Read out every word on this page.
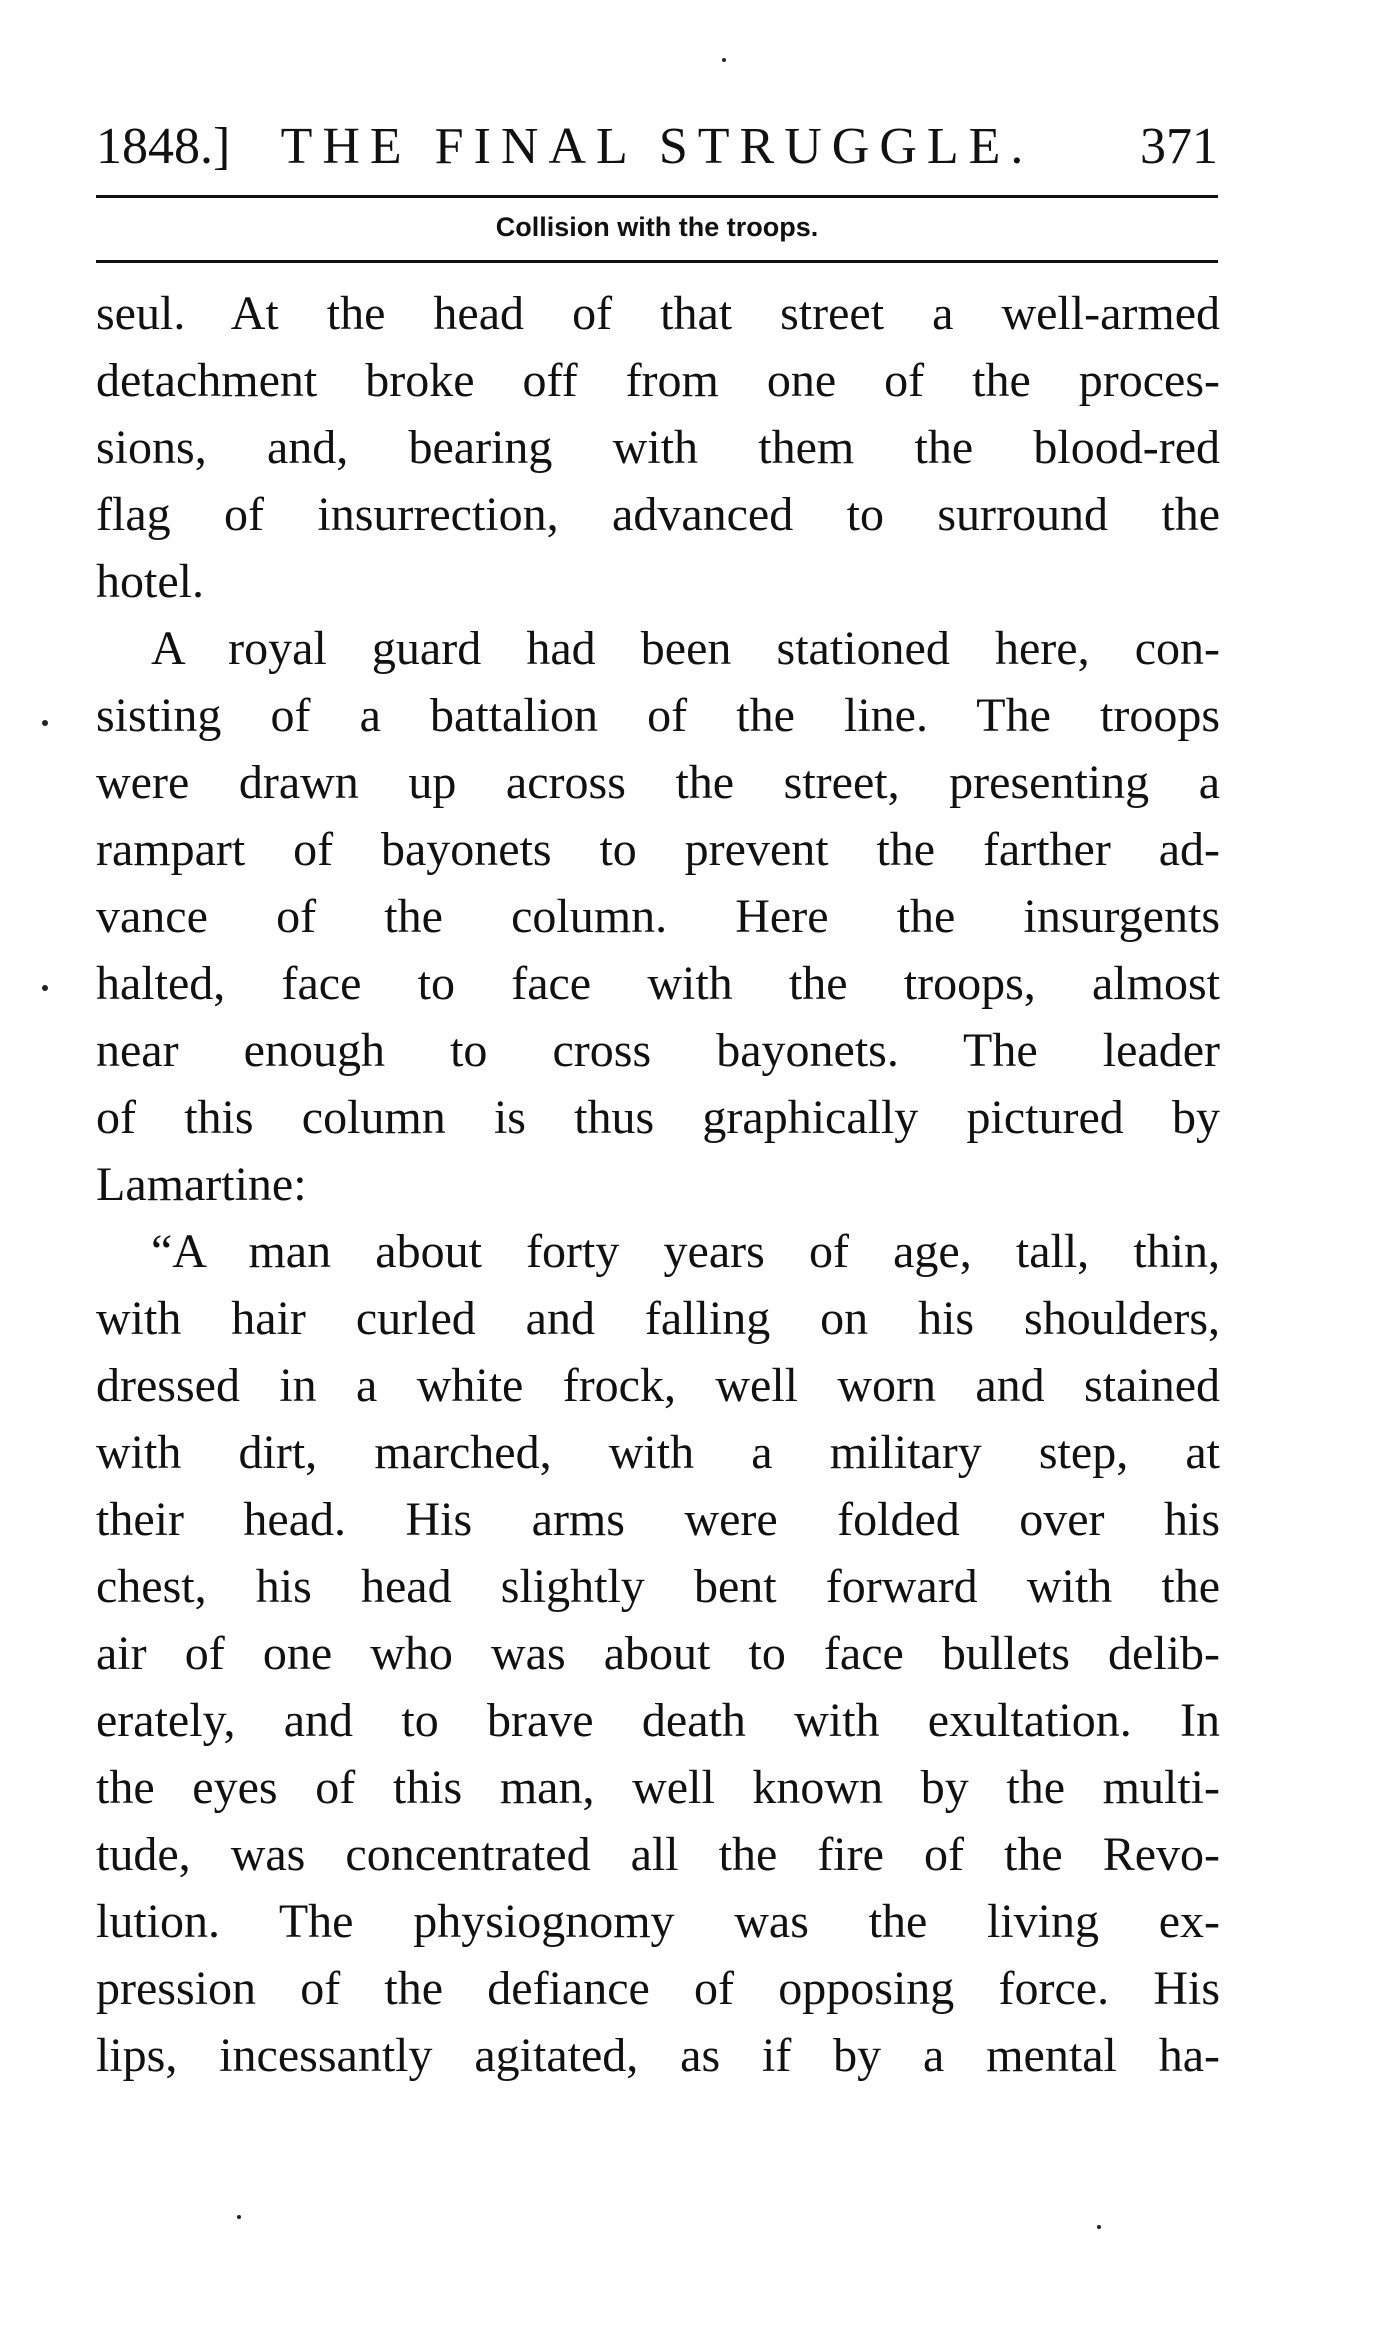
1848.] THE FINAL STRUGGLE.	371
Collision with the troops.
seul. At the head of that street a well-armed
detachment broke off from one of the proces-
sions, and, bearing with them the blood-red
flag of insurrection, advanced to surround the
hotel.
A royal guard had been stationed here, con-
sisting of a battalion of the line. The troops
were drawn up across the street, presenting a
rampart of bayonets to prevent the farther ad-
vance of the column. Here the insurgents
halted, face to face with the troops, almost
near enough to cross bayonets. The leader
of this column is thus graphically pictured by
Lamartine:
“A man about forty years of age, tall, thin,
with hair curled and falling on his shoulders,
dressed in a white frock, well worn and stained
with dirt, marched, with a military step, at
their head. His arms were folded over his
chest, his head slightly bent forward with the
air of one who was about to face bullets delib-
erately, and to brave death with exultation. In
the eyes of this man, well known by the multi-
tude, was concentrated all the fire of the Revo-
lution. The physiognomy was the living ex-
pression of the defiance of opposing force. His
lips, incessantly agitated, as if by a mental ha-
